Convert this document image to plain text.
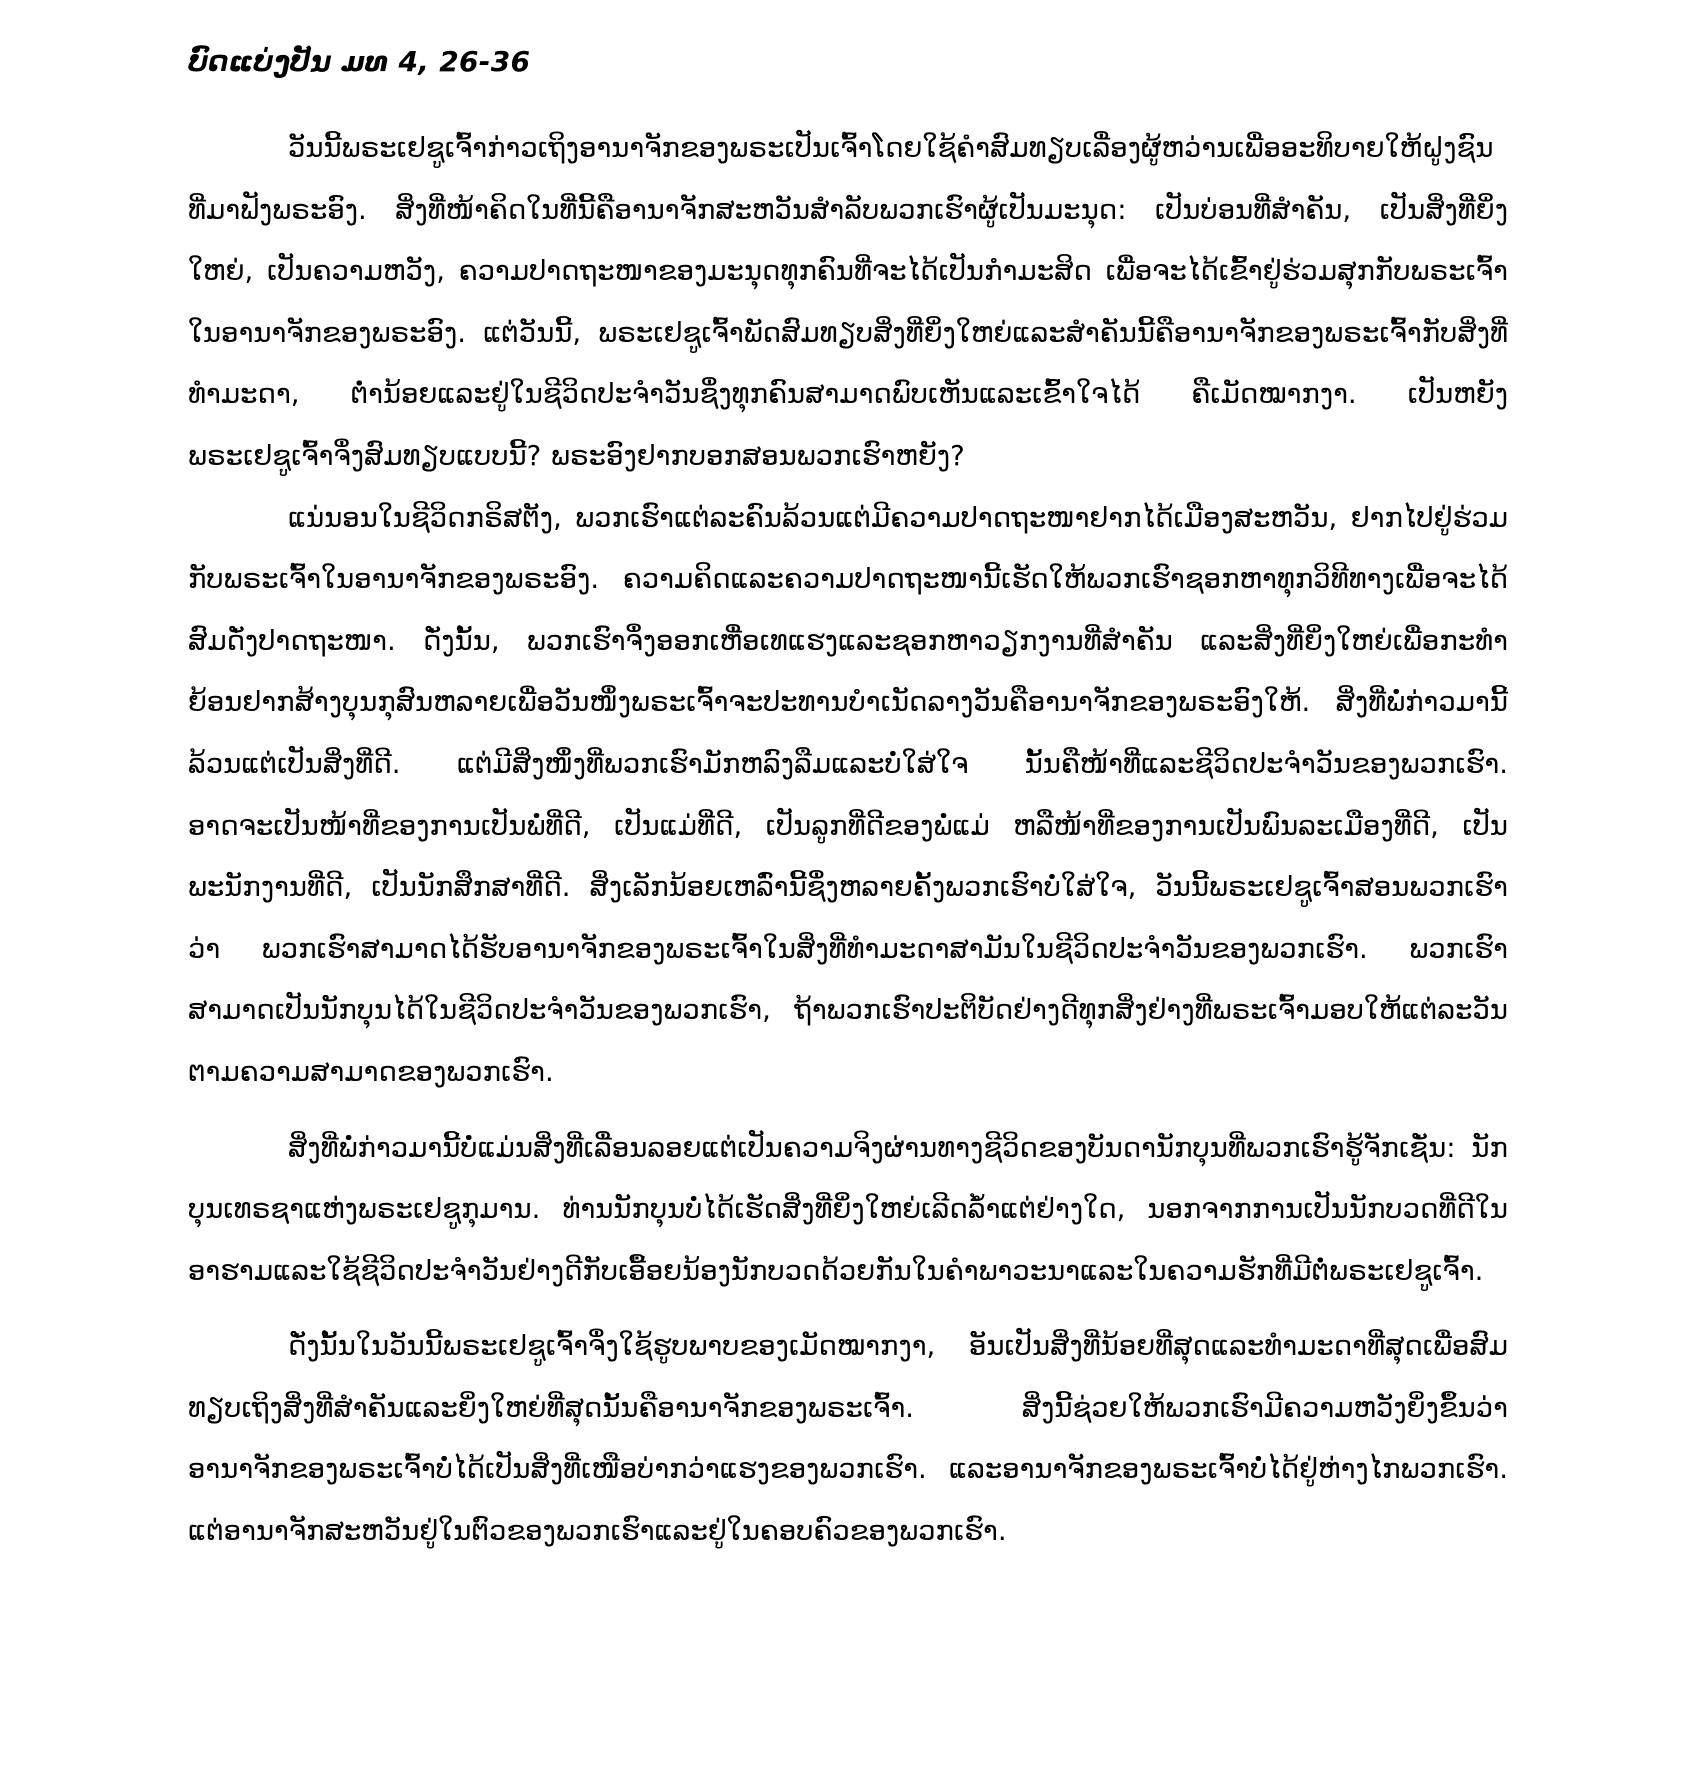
ບົດແບ່ງປັນ ມທ 4, 26-36

ວັນນີ້ພຣະເຢຊູເຈົ້າກ່າວເຖິງອານາຈັກຂອງພຣະເປັນເຈົ້າໂດຍໃຊ້ຄຳສົມທຽບເລື່ອງຜູ້ຫວ່ານເພື່ອອະທິບາຍໃຫ້ຝູງຊົນທີ່ມາຟັງພຣະອົງ. ສິ່ງທີ່ໜ້າຄິດໃນທີ່ນີ້ຄືອານາຈັກສະຫວັນສຳລັບພວກເຮົາຜູ້ເປັນມະນຸດ: ເປັນບ່ອນທີ່ສຳຄັນ, ເປັນສິ່ງທີ່ຍິ່ງໃຫຍ່, ເປັນຄວາມຫວັງ, ຄວາມປາດຖະໜາຂອງມະນຸດທຸກຄົນທີ່ຈະໄດ້ເປັນກຳມະສິດ ເພື່ອຈະໄດ້ເຂົ້າຢູ່ຮ່ວມສຸກກັບພຣະເຈົ້າໃນອານາຈັກຂອງພຣະອົງ. ແຕ່ວັນນີ້, ພຣະເຢຊູເຈົ້າພັດສົມທຽບສິ່ງທີ່ຍິ່ງໃຫຍ່ແລະສຳຄັນນີ້ຄືອານາຈັກຂອງພຣະເຈົ້າກັບສິ່ງທີ່ທຳມະດາ, ຕ່ຳນ້ອຍແລະຢູ່ໃນຊີວິດປະຈຳວັນຊຶ່ງທຸກຄົນສາມາດພົບເຫັນແລະເຂົ້າໃຈໄດ້ ຄືເມັດໝາກງາ. ເປັນຫຍັງພຣະເຢຊູເຈົ້າຈຶ່ງສົມທຽບແບບນີ້? ພຣະອົງຢາກບອກສອນພວກເຮົາຫຍັງ?

ແນ່ນອນໃນຊີວິດກຣິສຕັງ, ພວກເຮົາແຕ່ລະຄົນລ້ວນແຕ່ມີຄວາມປາດຖະໜາຢາກໄດ້ເມືອງສະຫວັນ, ຢາກໄປຢູ່ຮ່ວມກັບພຣະເຈົ້າໃນອານາຈັກຂອງພຣະອົງ. ຄວາມຄິດແລະຄວາມປາດຖະໜານີ້ເຮັດໃຫ້ພວກເຮົາຊອກຫາທຸກວິທີທາງເພື່ອຈະໄດ້ສົມດັ່ງປາດຖະໜາ. ດັ່ງນັ້ນ, ພວກເຮົາຈຶ່ງອອກເຫື່ອເທແຮງແລະຊອກຫາວຽກງານທີ່ສຳຄັນ ແລະສິ່ງທີ່ຍິ່ງໃຫຍ່ເພື່ອກະທຳຍ້ອນຢາກສ້າງບຸນກຸສົນຫລາຍເພື່ອວັນໜຶ່ງພຣະເຈົ້າຈະປະທານບຳເນັດລາງວັນຄືອານາຈັກຂອງພຣະອົງໃຫ້. ສິ່ງທີ່ພໍ່ກ່າວມານີ້ລ້ວນແຕ່ເປັນສິ່ງທີ່ດີ. ແຕ່ມີສິ່ງໜຶ່ງທີ່ພວກເຮົາມັກຫລົງລືມແລະບໍ່ໃສ່ໃຈ ນັ້ນຄືໜ້າທີ່ແລະຊີວິດປະຈຳວັນຂອງພວກເຮົາ. ອາດຈະເປັນໜ້າທີ່ຂອງການເປັນພໍ່ທີ່ດີ, ເປັນແມ່ທີ່ດີ, ເປັນລູກທີ່ດີຂອງພໍ່ແມ່ ຫລືໜ້າທີ່ຂອງການເປັນພົນລະເມືອງທີ່ດີ, ເປັນພະນັກງານທີ່ດີ, ເປັນນັກສຶກສາທີ່ດີ. ສິ່ງເລັກນ້ອຍເຫລົ່ານີ້ຊຶ່ງຫລາຍຄັ້ງພວກເຮົາບໍ່ໃສ່ໃຈ, ວັນນີ້ພຣະເຢຊູເຈົ້າສອນພວກເຮົາວ່າ ພວກເຮົາສາມາດໄດ້ຮັບອານາຈັກຂອງພຣະເຈົ້າໃນສິ່ງທີ່ທຳມະດາສາມັນໃນຊີວິດປະຈຳວັນຂອງພວກເຮົາ. ພວກເຮົາສາມາດເປັນນັກບຸນໄດ້ໃນຊີວິດປະຈຳວັນຂອງພວກເຮົາ, ຖ້າພວກເຮົາປະຕິບັດຢ່າງດີທຸກສິ່ງຢ່າງທີ່ພຣະເຈົ້າມອບໃຫ້ແຕ່ລະວັນຕາມຄວາມສາມາດຂອງພວກເຮົາ.

ສິ່ງທີ່ພໍ່ກ່າວມານີ້ບໍ່ແມ່ນສິ່ງທີ່ເລື່ອນລອຍແຕ່ເປັນຄວາມຈິງຜ່ານທາງຊີວິດຂອງບັນດານັກບຸນທີ່ພວກເຮົາຮູ້ຈັກເຊັ່ນ: ນັກບຸນເທຣຊາແຫ່ງພຣະເຢຊູກຸມານ. ທ່ານນັກບຸນບໍ່ໄດ້ເຮັດສິ່ງທີ່ຍິ່ງໃຫຍ່ເລີດລ້ຳແຕ່ຢ່າງໃດ, ນອກຈາກການເປັນນັກບວດທີ່ດີໃນອາຮາມແລະໃຊ້ຊີວິດປະຈຳວັນຢ່າງດີກັບເອື້ອຍນ້ອງນັກບວດດ້ວຍກັນໃນຄຳພາວະນາແລະໃນຄວາມຮັກທີ່ມີຕໍ່ພຣະເຢຊູເຈົ້າ.

ດັ່ງນັ້ນໃນວັນນີ້ພຣະເຢຊູເຈົ້າຈຶ່ງໃຊ້ຮູບພາບຂອງເມັດໝາກງາ, ອັນເປັນສິ່ງທີ່ນ້ອຍທີ່ສຸດແລະທຳມະດາທີ່ສຸດເພື່ອສົມທຽບເຖິງສິ່ງທີ່ສຳຄັນແລະຍິ່ງໃຫຍ່ທີ່ສຸດນັ້ນຄືອານາຈັກຂອງພຣະເຈົ້າ. ສິ່ງນີ້ຊ່ວຍໃຫ້ພວກເຮົາມີຄວາມຫວັງຍິ່ງຂຶ້ນວ່າອານາຈັກຂອງພຣະເຈົ້າບໍ່ໄດ້ເປັນສິ່ງທີ່ເໜືອບ່າກວ່າແຮງຂອງພວກເຮົາ. ແລະອານາຈັກຂອງພຣະເຈົ້າບໍ່ໄດ້ຢູ່ຫ່າງໄກພວກເຮົາ. ແຕ່ອານາຈັກສະຫວັນຢູ່ໃນຕົວຂອງພວກເຮົາແລະຢູ່ໃນຄອບຄົວຂອງພວກເຮົາ.
